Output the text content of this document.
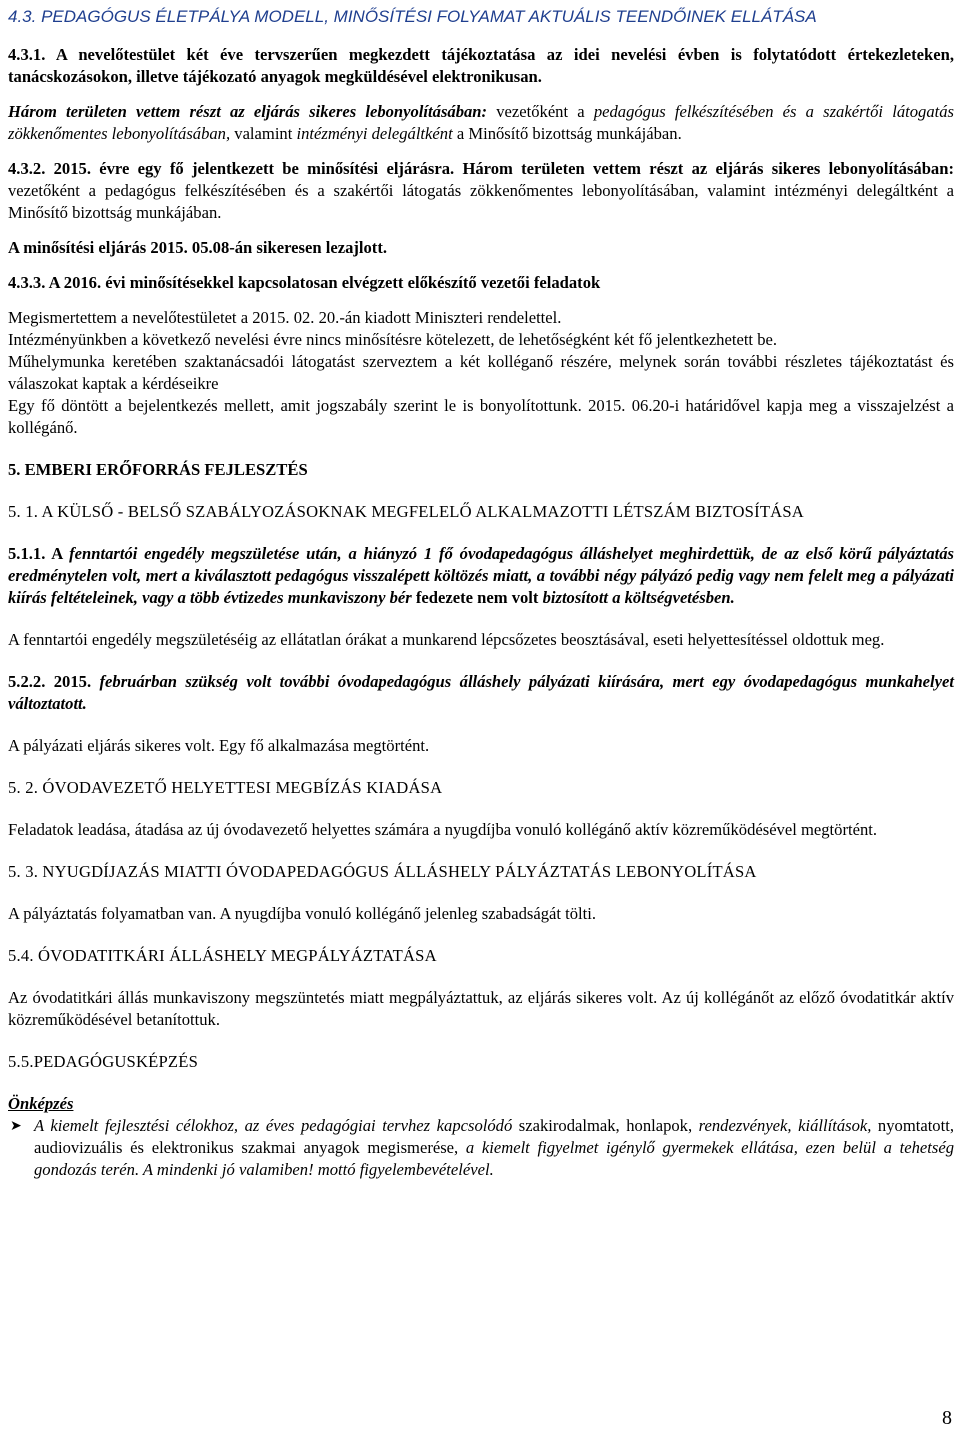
4.3. PEDAGÓGUS ÉLETPÁLYA MODELL, MINŐSÍTÉSI FOLYAMAT AKTUÁLIS TEENDŐINEK ELLÁTÁSA

4.3.1. A nevelőtestület két éve tervszerűen megkezdett tájékoztatása az idei nevelési évben is folytatódott értekezleteken, tanácskozásokon, illetve tájékozató anyagok megküldésével elektronikusan.

Három területen vettem részt az eljárás sikeres lebonyolításában: vezetőként a pedagógus felkészítésében és a szakértői látogatás zökkenőmentes lebonyolításában, valamint intézményi delegáltként a Minősítő bizottság munkájában.

4.3.2. 2015. évre egy fő jelentkezett be minősítési eljárásra. Három területen vettem részt az eljárás sikeres lebonyolításában: vezetőként a pedagógus felkészítésében és a szakértői látogatás zökkenőmentes lebonyolításában, valamint intézményi delegáltként a Minősítő bizottság munkájában.

A minősítési eljárás 2015. 05.08-án sikeresen lezajlott.

4.3.3. A 2016. évi minősítésekkel kapcsolatosan elvégzett előkészítő vezetői feladatok

Megismertettem a nevelőtestületet a 2015. 02. 20.-án kiadott Miniszteri rendelettel.

Intézményünkben a következő nevelési évre nincs minősítésre kötelezett, de lehetőségként két fő jelentkezhetett be.

Műhelymunka keretében szaktanácsadói látogatást szerveztem a két kolléganő részére, melynek során további részletes tájékoztatást és válaszokat kaptak a kérdéseikre

Egy fő döntött a bejelentkezés mellett, amit jogszabály szerint le is bonyolítottunk. 2015. 06.20-i határidővel kapja meg a visszajelzést a kollégánő.

5. EMBERI ERŐFORRÁS FEJLESZTÉS

5. 1. A KÜLSŐ - BELSŐ SZABÁLYOZÁSOKNAK MEGFELELŐ ALKALMAZOTTI LÉTSZÁM BIZTOSÍTÁSA

5.1.1. A fenntartói engedély megszületése után, a hiányzó 1 fő óvodapedagógus álláshelyet meghirdettük, de az első körű pályáztatás eredménytelen volt, mert a kiválasztott pedagógus visszalépett költözés miatt, a további négy pályázó pedig vagy nem felelt meg a pályázati kiírás feltételeinek, vagy a több évtizedes munkaviszony bér fedezete nem volt biztosított a költségvetésben.

A fenntartói engedély megszületéséig az ellátatlan órákat a munkarend lépcsőzetes beosztásával, eseti helyettesítéssel oldottuk meg.

5.2.2. 2015. februárban szükség volt további óvodapedagógus álláshely pályázati kiírására, mert egy óvodapedagógus munkahelyet változtatott.

A pályázati eljárás sikeres volt. Egy fő alkalmazása megtörtént.

5. 2. ÓVODAVEZETŐ HELYETTESI MEGBÍZÁS KIADÁSA

Feladatok leadása, átadása az új óvodavezető helyettes számára a nyugdíjba vonuló kollégánő aktív közreműködésével megtörtént.

5. 3. NYUGDÍJAZÁS MIATTI ÓVODAPEDAGÓGUS ÁLLÁSHELY PÁLYÁZTATÁS LEBONYOLÍTÁSA

A pályáztatás folyamatban van. A nyugdíjba vonuló kollégánő jelenleg szabadságát tölti.

5.4. ÓVODATITKÁRI ÁLLÁSHELY MEGPÁLYÁZTATÁSA

Az óvodatitkári állás munkaviszony megszüntetés miatt megpályáztattuk, az eljárás sikeres volt. Az új kollégánőt az előző óvodatitkár aktív közreműködésével betanítottuk.

5.5.PEDAGÓGUSKÉPZÉS

Önképzés

➤ A kiemelt fejlesztési célokhoz, az éves pedagógiai tervhez kapcsolódó szakirodalmak, honlapok, rendezvények, kiállítások, nyomtatott, audiovizuális és elektronikus szakmai anyagok megismerése, a kiemelt figyelmet igénylő gyermekek ellátása, ezen belül a tehetség gondozás terén. A mindenki jó valamiben! mottó figyelembevételével.

8
